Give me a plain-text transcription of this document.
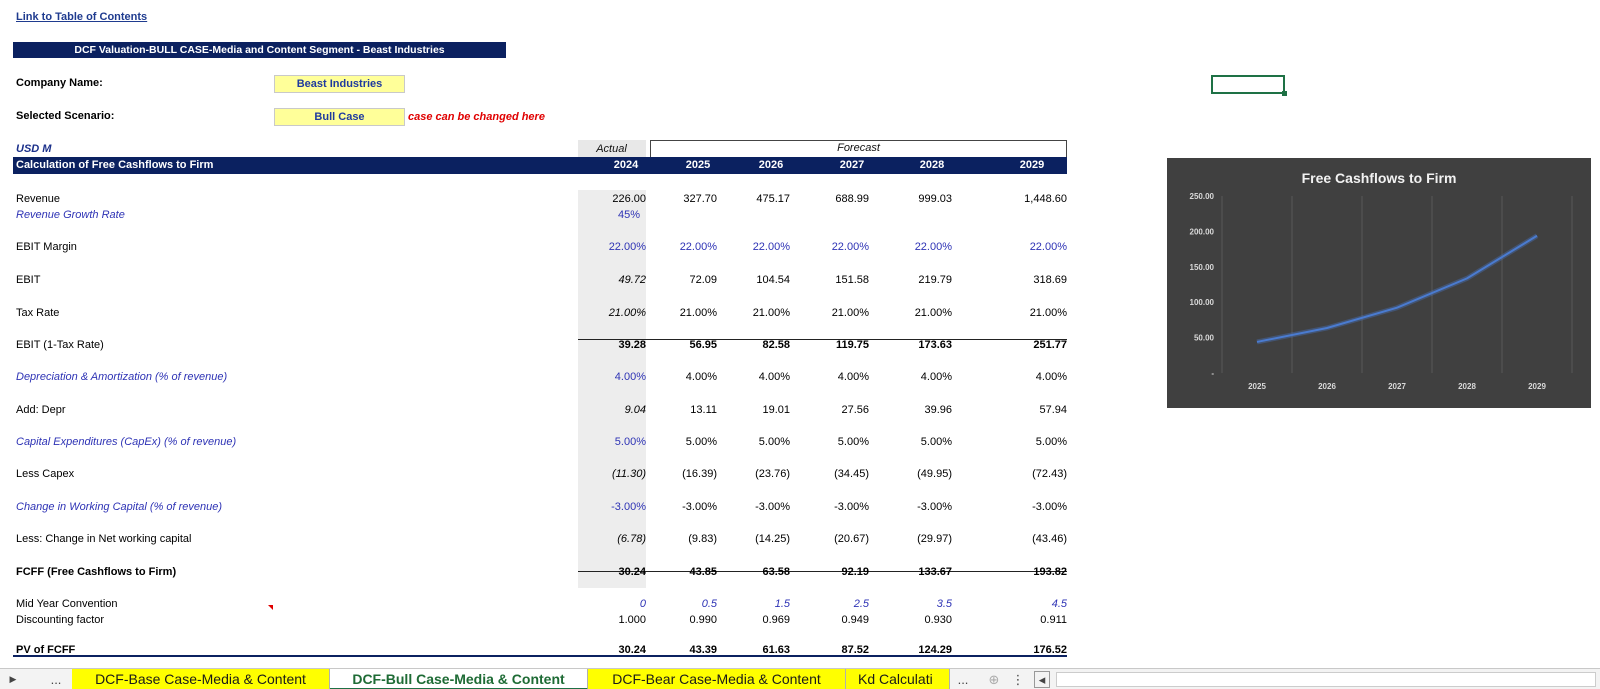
Link to Table of Contents
DCF Valuation-BULL CASE-Media and Content Segment - Beast Industries
Company Name:	Beast Industries
Selected Scenario:	Bull Case	case can be changed here
USD M	Actual	Forecast
Calculation of Free Cashflows to Firm	2024	2025	2026	2027	2028	2029
Revenue	226.00	327.70	475.17	688.99	999.03	1,448.60
Revenue Growth Rate	45%
EBIT Margin	22.00%	22.00%	22.00%	22.00%	22.00%	22.00%
EBIT	49.72	72.09	104.54	151.58	219.79	318.69
Tax Rate	21.00%	21.00%	21.00%	21.00%	21.00%	21.00%
EBIT (1-Tax Rate)	39.28	56.95	82.58	119.75	173.63	251.77
Depreciation & Amortization (% of revenue)	4.00%	4.00%	4.00%	4.00%	4.00%	4.00%
Add: Depr	9.04	13.11	19.01	27.56	39.96	57.94
Capital Expenditures (CapEx) (% of revenue)	5.00%	5.00%	5.00%	5.00%	5.00%	5.00%
Less Capex	(11.30)	(16.39)	(23.76)	(34.45)	(49.95)	(72.43)
Change in Working Capital (% of revenue)	-3.00%	-3.00%	-3.00%	-3.00%	-3.00%	-3.00%
Less: Change in Net working capital	(6.78)	(9.83)	(14.25)	(20.67)	(29.97)	(43.46)
FCFF (Free Cashflows to Firm)	30.24	43.85	63.58	92.19	133.67	193.82
Mid Year Convention	0	0.5	1.5	2.5	3.5	4.5
Discounting factor	1.000	0.990	0.969	0.949	0.930	0.911
PV of FCFF	30.24	43.39	61.63	87.52	124.29	176.52
Free Cashflows to Firm
250.00
200.00
150.00
100.00
50.00
-
2025	2026	2027	2028	2029
▶	...	DCF-Base Case-Media & Content	DCF-Bull Case-Media & Content	DCF-Bear Case-Media & Content	Kd Calculati	...	⊕ ⋮	◂
